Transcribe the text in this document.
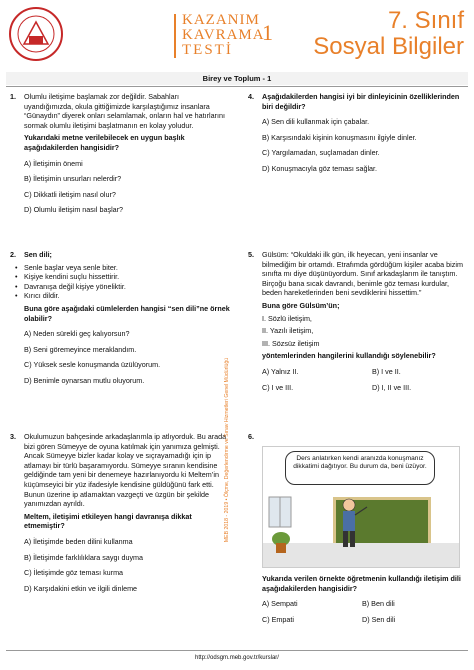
KAZANIM
KAVRAMA
TESTİ
1	7. Sınıf
Sosyal Bilgiler
Birey ve Toplum - 1
1. Olumlu iletişime başlamak zor değildir. Sabahları uyandığımızda, okula gittiğimizde karşılaştığımız insanlara “Günaydın” diyerek onları selamlamak, onların hal ve hatırlarını sormak olumlu iletişimi başlatmanın en kolay yoludur.

Yukarıdaki metne verilebilecek en uygun başlık aşağıdakilerden hangisidir?

A) İletişimin önemi

B) İletişimin unsurları nelerdir?

C) Dikkatli iletişim nasıl olur?

D) Olumlu iletişim nasıl başlar?

4. Aşağıdakilerden hangisi iyi bir dinleyicinin özelliklerinden biri değildir?

A) Sen dili kullanmak için çabalar.

B) Karşısındaki kişinin konuşmasını ilgiyle dinler.

C) Yargılamadan, suçlamadan dinler.

D) Konuşmacıyla göz teması sağlar.

2. Sen dili;

• Senle başlar veya senle biter.

• Kişiye kendini suçlu hissettirir.

• Davranışa değil kişiye yöneliktir.

• Kırıcı dildir.

Buna göre aşağıdaki cümlelerden hangisi “sen dili”ne örnek olabilir?

A) Neden sürekli geç kalıyorsun?

B) Seni göremeyince meraklandım.

C) Yüksek sesle konuşmanda üzülüyorum.

D) Benimle oynarsan mutlu oluyorum.

5. Gülsüm: “Okuldaki ilk gün, ilk heyecan, yeni insanlar ve bilmediğim bir ortamdı. Etrafımda gördüğüm kişiler acaba bizim sınıfta mı diye düşünüyordum. Sınıf arkadaşlarım ile tanıştım. Birçoğu bana sıcak davrandı, benimle göz teması kurdular, beden hareketlerinden beni sevdiklerini hissettim.”

Buna göre Gülsüm’ün;

I. Sözlü iletişim,

II. Yazılı iletişim,

III. Sözsüz iletişim

yöntemlerinden hangilerini kullandığı söylenebilir?

A) Yalnız II.	B) I ve II.

C) I ve III.	D) I, II ve III.

3. Okulumuzun bahçesinde arkadaşlarımla ip atlıyorduk. Bu arada bizi gören Sümeyye de oyuna katılmak için yanımıza gelmişti. Ancak Sümeyye bizler kadar kolay ve sıçrayamadığı için ip atlamayı bir türlü başaramıyordu. Sümeyye sıranın kendisine geldiğinde tam yeni bir denemeye hazırlanıyordu ki Meltem’in küçümseyici bir yüz ifadesiyle kendisine güldüğünü fark etti. Bunun üzerine ip atlamaktan vazgeçti ve üzgün bir şekilde yanımızdan ayrıldı.

Meltem, iletişimi etkileyen hangi davranışa dikkat etmemiştir?

A) İletişimde beden dilini kullanma

B) İletişimde farklılıklara saygı duyma

C) İletişimde göz teması kurma

D) Karşıdakini etkin ve ilgili dinleme

6.
Ders anlatırken kendi aranızda konuşmanız dikkatimi dağıtıyor. Bu durum da, beni üzüyor.

Yukarıda verilen örnekte öğretmenin kullandığı iletişim dili aşağıdakilerden hangisidir?

A) Sempati	B) Ben dili

C) Empati	D) Sen dili

MEB 2018 - 2019 • Ölçme, Değerlendirme ve Sınav Hizmetleri Genel Müdürlüğü
http://odsgm.meb.gov.tr/kurslar/
